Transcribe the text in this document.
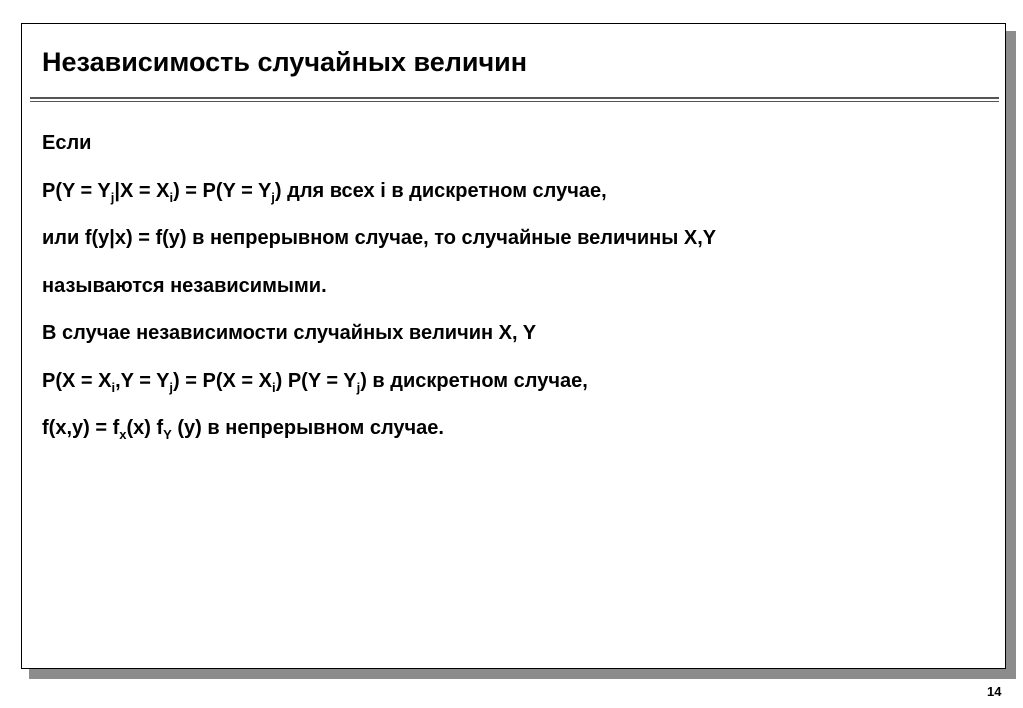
Независимость случайных величин
Если
$P(Y = Y_j|X = X_i) = P(Y = Y_j)$ для всех i в дискретном случае,
или f(y|x) = f(y) в непрерывном случае, то случайные величины X,Y
называются независимыми.
В случае независимости случайных величин X, Y
$P(X = X_i,Y = Y_j) = P(X = X_i)$ $P(Y = Y_j)$ в дискретном случае,
$f(x,y) = f_x(x)$ $f_Y$ (y) в непрерывном случае.
14
